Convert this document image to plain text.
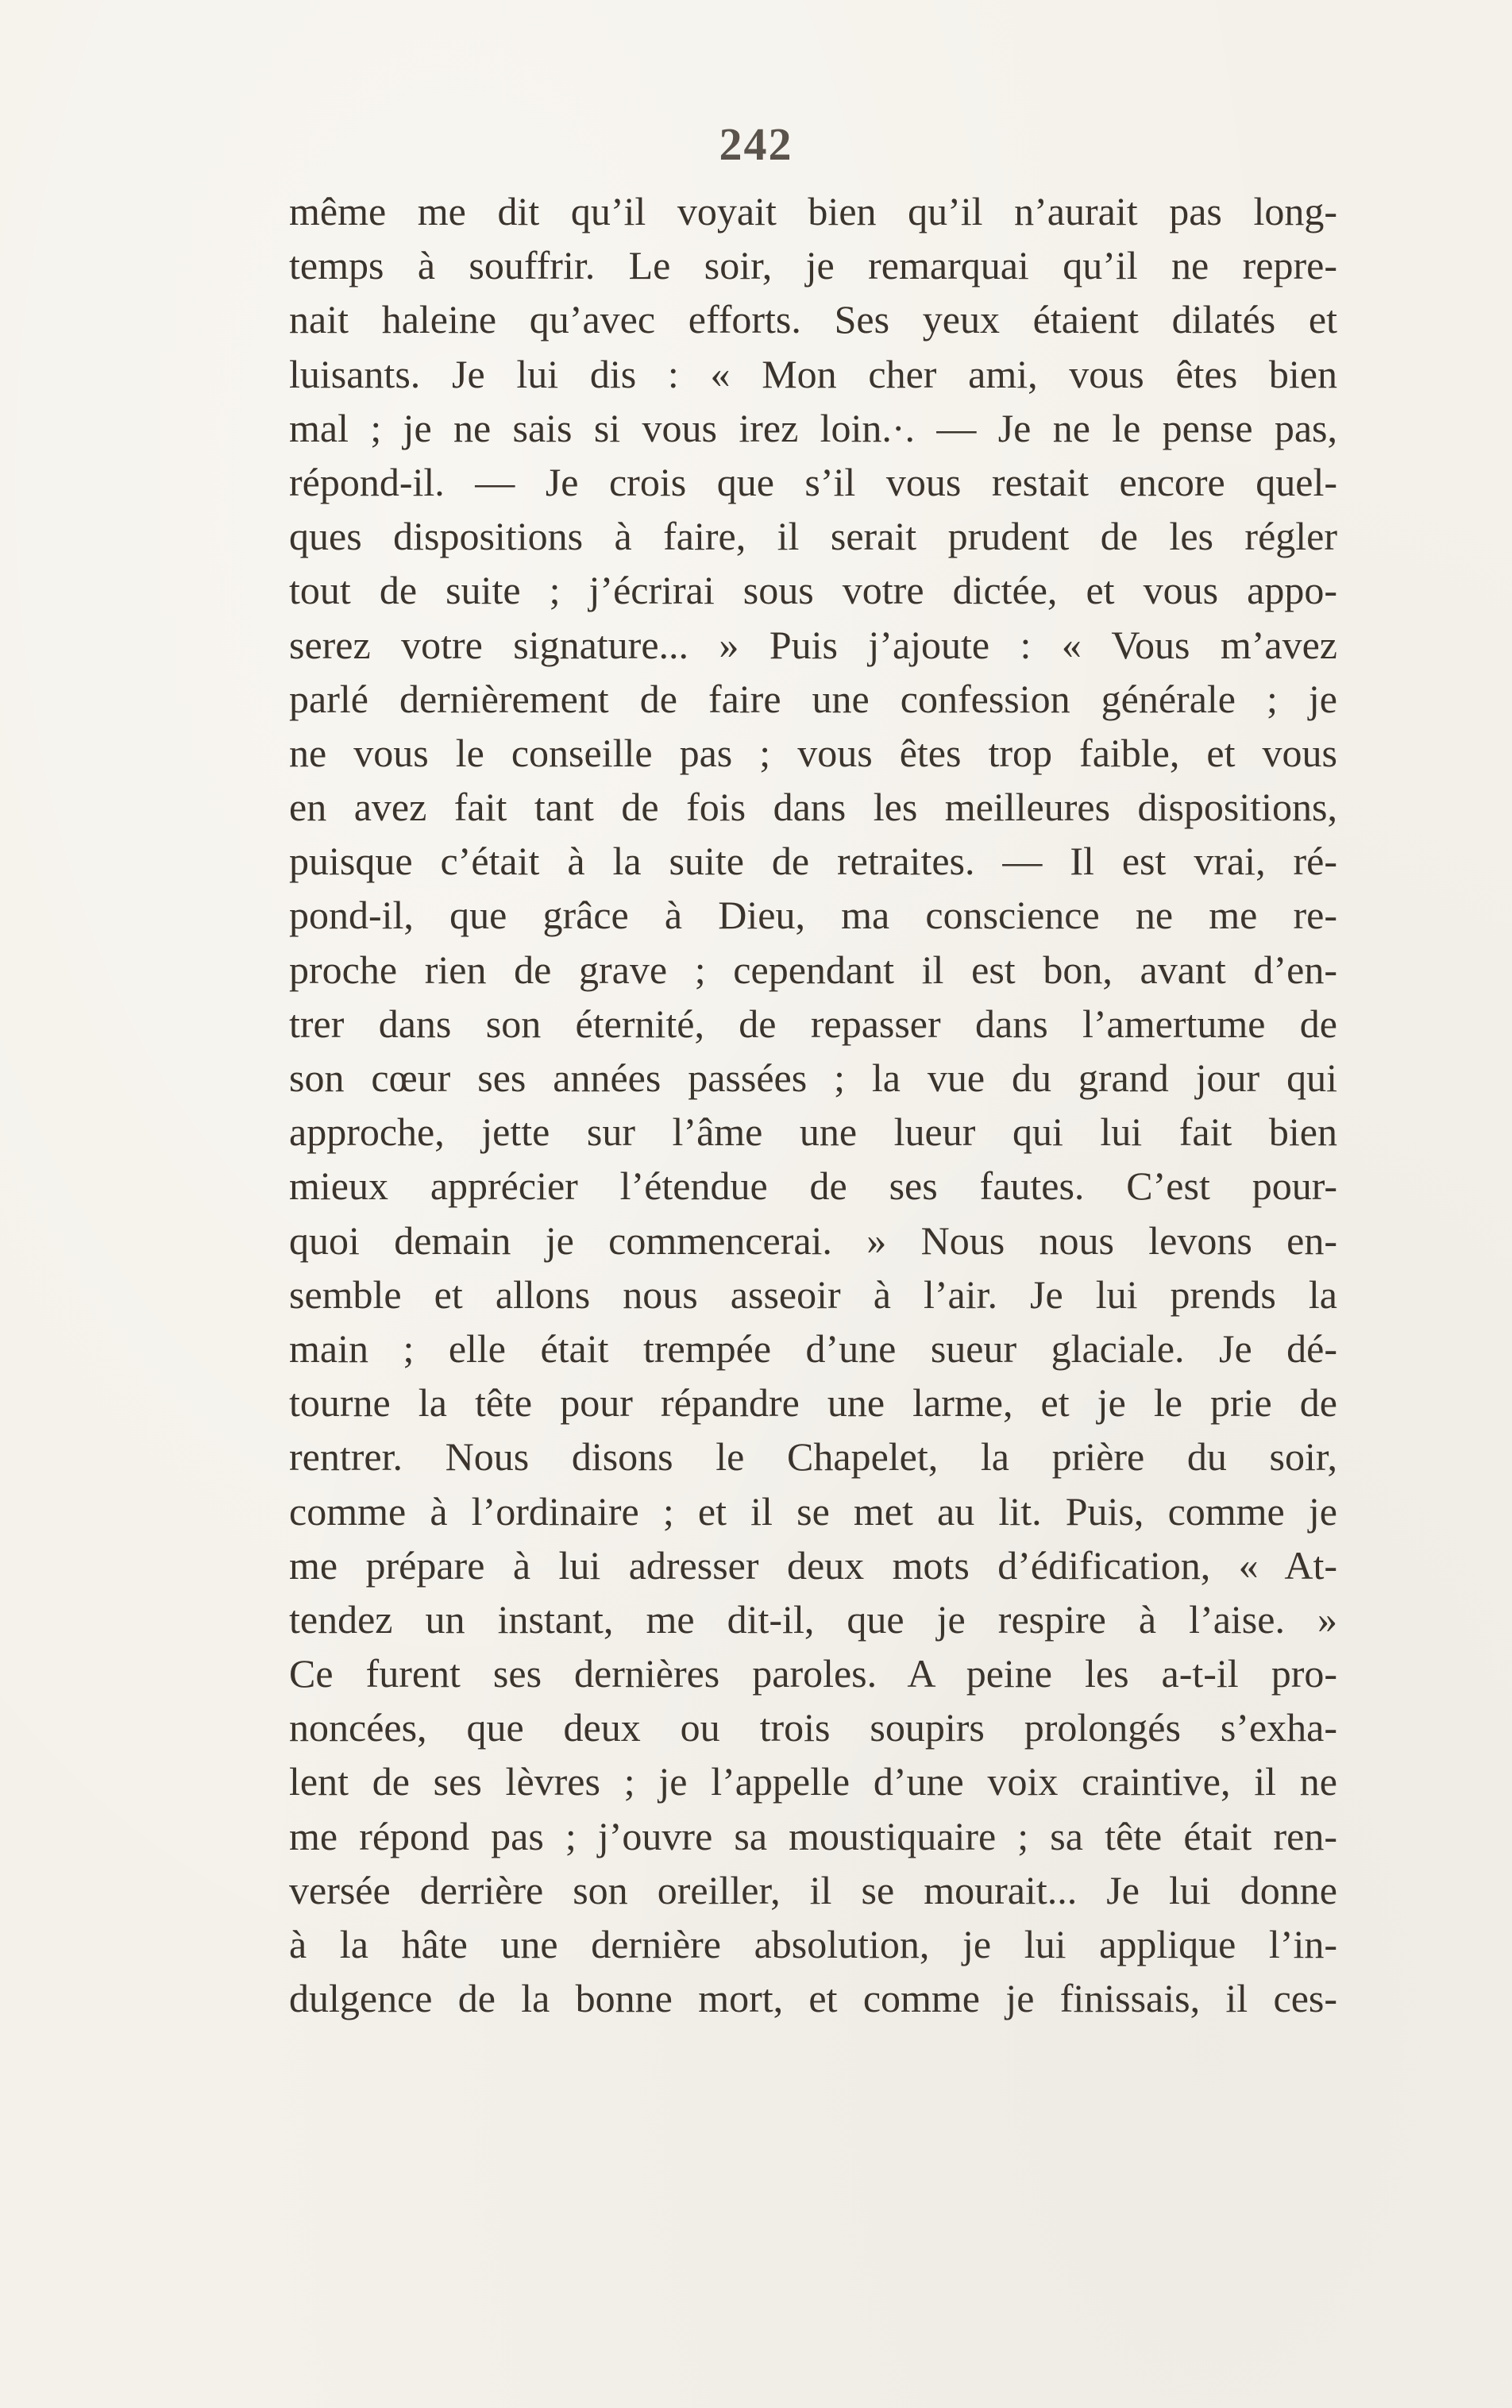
242
même me dit qu’il voyait bien qu’il n’aurait pas long-
temps à souffrir. Le soir, je remarquai qu’il ne repre-
nait haleine qu’avec efforts. Ses yeux étaient dilatés et
luisants. Je lui dis : « Mon cher ami, vous êtes bien
mal ; je ne sais si vous irez loin.·. — Je ne le pense pas,
répond-il. — Je crois que s’il vous restait encore quel-
ques dispositions à faire, il serait prudent de les régler
tout de suite ; j’écrirai sous votre dictée, et vous appo-
serez votre signature... » Puis j’ajoute : « Vous m’avez
parlé dernièrement de faire une confession générale ; je
ne vous le conseille pas ; vous êtes trop faible, et vous
en avez fait tant de fois dans les meilleures dispositions,
puisque c’était à la suite de retraites. — Il est vrai, ré-
pond-il, que grâce à Dieu, ma conscience ne me re-
proche rien de grave ; cependant il est bon, avant d’en-
trer dans son éternité, de repasser dans l’amertume de
son cœur ses années passées ; la vue du grand jour qui
approche, jette sur l’âme une lueur qui lui fait bien
mieux apprécier l’étendue de ses fautes. C’est pour-
quoi demain je commencerai. » Nous nous levons en-
semble et allons nous asseoir à l’air. Je lui prends la
main ; elle était trempée d’une sueur glaciale. Je dé-
tourne la tête pour répandre une larme, et je le prie de
rentrer. Nous disons le Chapelet, la prière du soir,
comme à l’ordinaire ; et il se met au lit. Puis, comme je
me prépare à lui adresser deux mots d’édification, « At-
tendez un instant, me dit-il, que je respire à l’aise. »
Ce furent ses dernières paroles. A peine les a-t-il pro-
noncées, que deux ou trois soupirs prolongés s’exha-
lent de ses lèvres ; je l’appelle d’une voix craintive, il ne
me répond pas ; j’ouvre sa moustiquaire ; sa tête était ren-
versée derrière son oreiller, il se mourait... Je lui donne
à la hâte une dernière absolution, je lui applique l’in-
dulgence de la bonne mort, et comme je finissais, il ces-
